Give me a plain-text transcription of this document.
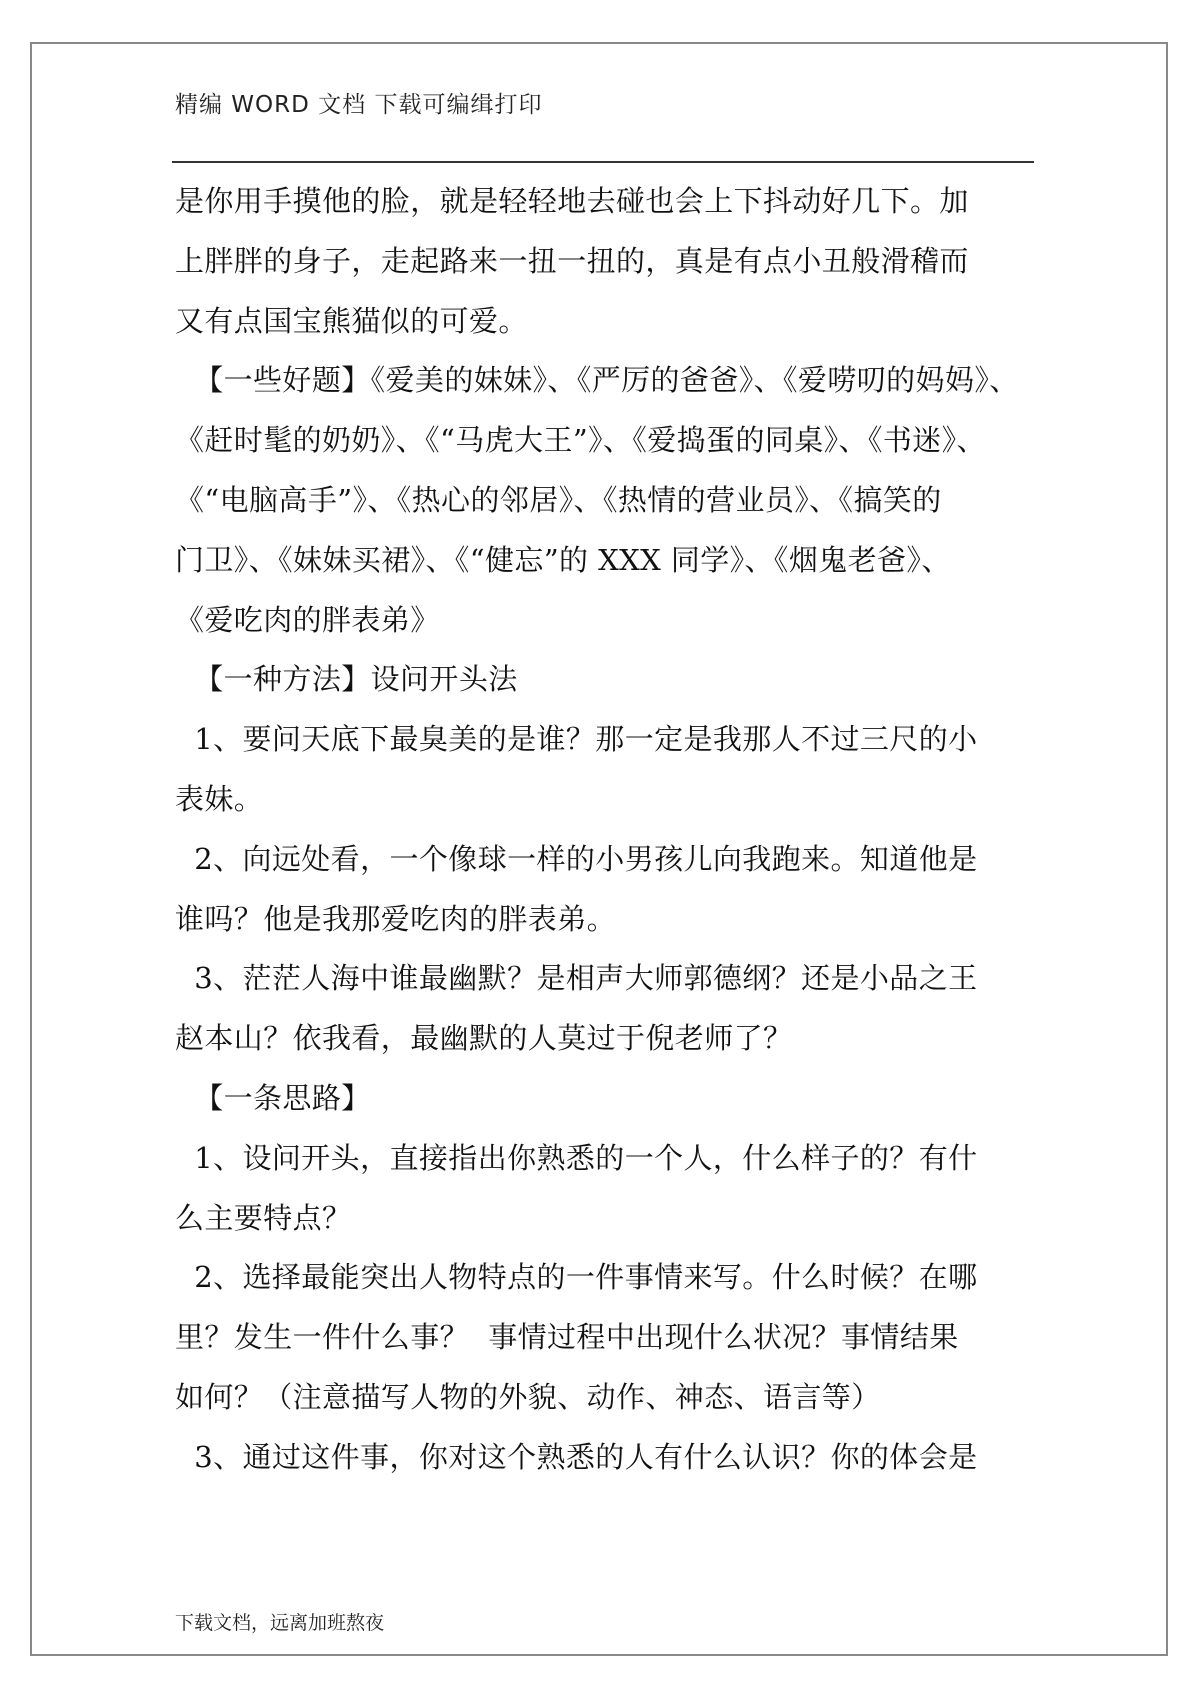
精编 WORD 文档 下载可编缉打印
是你用手摸他的脸，就是轻轻地去碰也会上下抖动好几下。加
上胖胖的身子，走起路来一扭一扭的，真是有点小丑般滑稽而
又有点国宝熊猫似的可爱。
【一些好题】《爱美的妹妹》、《严厉的爸爸》、《爱唠叨的妈妈》、
《赶时髦的奶奶》、《“马虎大王”》、《爱捣蛋的同桌》、《书迷》、
《“电脑高手”》、《热心的邻居》、《热情的营业员》、《搞笑的
门卫》、《妹妹买裙》、《“健忘”的 XXX 同学》、《烟鬼老爸》、
《爱吃肉的胖表弟》
【一种方法】设问开头法
1、要问天底下最臭美的是谁？那一定是我那人不过三尺的小
表妹。
2、向远处看，一个像球一样的小男孩儿向我跑来。知道他是
谁吗？他是我那爱吃肉的胖表弟。
3、茫茫人海中谁最幽默？是相声大师郭德纲？还是小品之王
赵本山？依我看，最幽默的人莫过于倪老师了？
【一条思路】
1、设问开头，直接指出你熟悉的一个人，什么样子的？有什
么主要特点？
2、选择最能突出人物特点的一件事情来写。什么时候？在哪
里？发生一件什么事？  事情过程中出现什么状况？事情结果
如何？（注意描写人物的外貌、动作、神态、语言等）
3、通过这件事，你对这个熟悉的人有什么认识？你的体会是
下载文档，远离加班熬夜
